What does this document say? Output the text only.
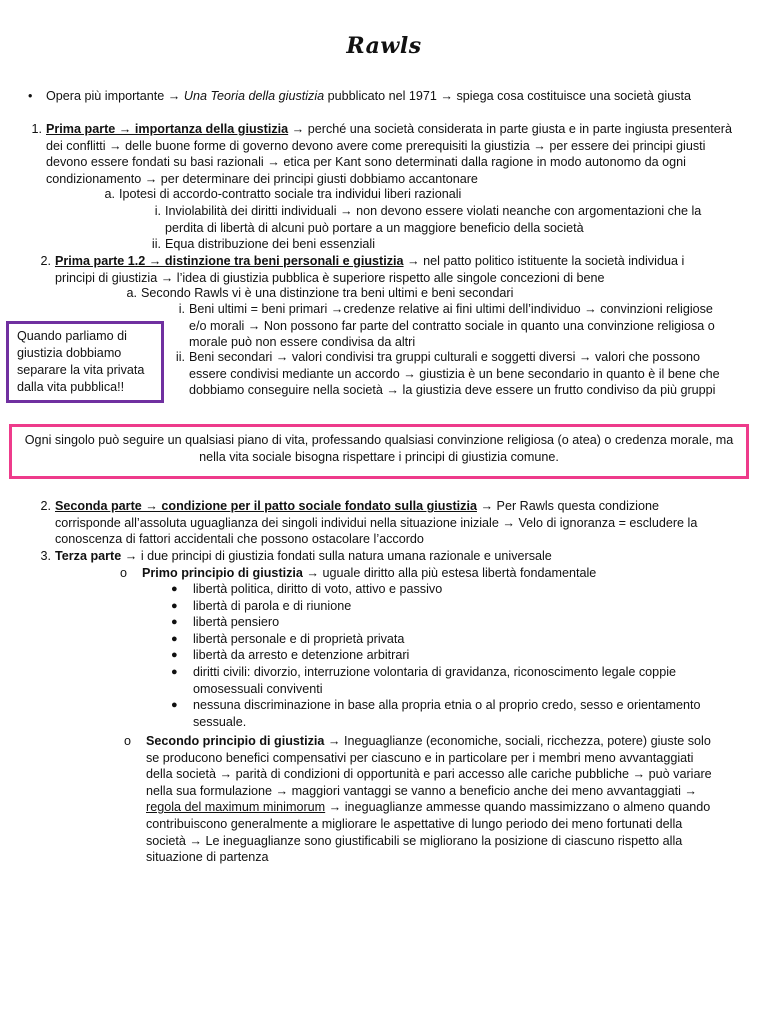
Rawls
• Opera più importante → Una Teoria della giustizia pubblicato nel 1971 → spiega cosa costituisce una società giusta
1. Prima parte → importanza della giustizia → perché una società considerata in parte giusta e in parte ingiusta presenterà dei conflitti → delle buone forme di governo devono avere come prerequisiti la giustizia → per essere dei principi giusti devono essere fondati su basi razionali → etica per Kant sono determinati dalla ragione in modo autonomo da ogni condizionamento → per determinare dei principi giusti dobbiamo accantonare
a. Ipotesi di accordo-contratto sociale tra individui liberi razionali
i. Inviolabilità dei diritti individuali → non devono essere violati neanche con argomentazioni che la perdita di libertà di alcuni può portare a un maggiore beneficio della società
ii. Equa distribuzione dei beni essenziali
2. Prima parte 1.2 → distinzione tra beni personali e giustizia → nel patto politico istituente la società individua i principi di giustizia → l’idea di giustizia pubblica è superiore rispetto alle singole concezioni di bene
a. Secondo Rawls vi è una distinzione tra beni ultimi e beni secondari
i. Beni ultimi = beni primari →credenze relative ai fini ultimi dell’individuo → convinzioni religiose e/o morali → Non possono far parte del contratto sociale in quanto una convinzione religiosa o morale può non essere condivisa da altri
ii. Beni secondari → valori condivisi tra gruppi culturali e soggetti diversi → valori che possono essere condivisi mediante un accordo → giustizia è un bene secondario in quanto è il bene che dobbiamo conseguire nella società → la giustizia deve essere un frutto condiviso da più gruppi
Quando parliamo di giustizia dobbiamo separare la vita privata dalla vita pubblica!!
Ogni singolo può seguire un qualsiasi piano di vita, professando qualsiasi convinzione religiosa (o atea) o credenza morale, ma nella vita sociale bisogna rispettare i principi di giustizia comune.
2. Seconda parte → condizione per il patto sociale fondato sulla giustizia → Per Rawls questa condizione corrisponde all’assoluta uguaglianza dei singoli individui nella situazione iniziale → Velo di ignoranza = escludere la conoscenza di fattori accidentali che possono ostacolare l’accordo
3. Terza parte → i due principi di giustizia fondati sulla natura umana razionale e universale
o Primo principio di giustizia → uguale diritto alla più estesa libertà fondamentale
● libertà politica, diritto di voto, attivo e passivo
● libertà di parola e di riunione
● libertà pensiero
● libertà personale e di proprietà privata
● libertà da arresto e detenzione arbitrari
● diritti civili: divorzio, interruzione volontaria di gravidanza, riconoscimento legale coppie omosessuali conviventi
● nessuna discriminazione in base alla propria etnia o al proprio credo, sesso e orientamento sessuale.
o Secondo principio di giustizia → Ineguaglianze (economiche, sociali, ricchezza, potere) giuste solo se producono benefici compensativi per ciascuno e in particolare per i membri meno avvantaggiati della società → parità di condizioni di opportunità e pari accesso alle cariche pubbliche → può variare nella sua formulazione → maggiori vantaggi se vanno a beneficio anche dei meno avvantaggiati → regola del maximum minimorum → ineguaglianze ammesse quando massimizzano o almeno quando contribuiscono generalmente a migliorare le aspettative di lungo periodo dei meno fortunati della società → Le ineguaglianze sono giustificabili se migliorano la posizione di ciascuno rispetto alla situazione di partenza
